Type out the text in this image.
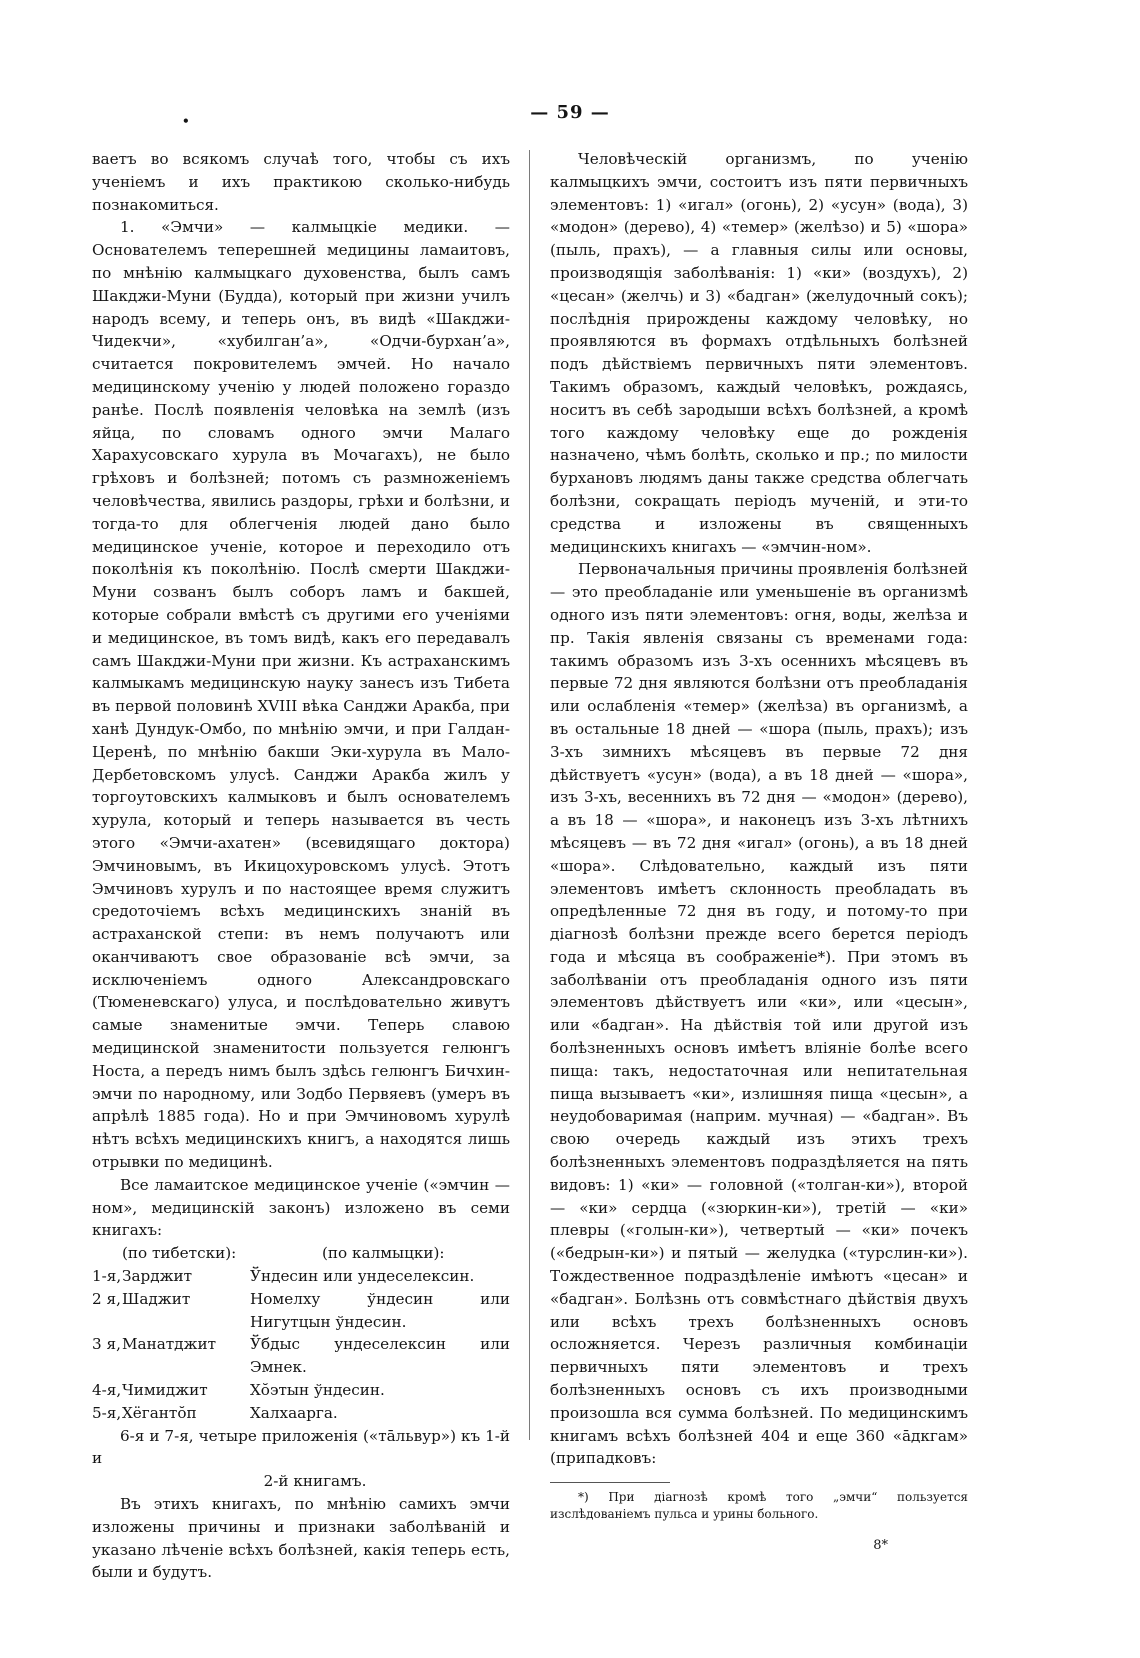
•	— 59 —

ваетъ во всякомъ случаѣ того, чтобы съ ихъ ученіемъ и ихъ практикою сколько-нибудь познакомиться.

1. «Эмчи» — калмыцкіе медики. — Основателемъ теперешней медицины ламаитовъ, по мнѣнію калмыцкаго духовенства, былъ самъ Шакджи-Муни (Будда), который при жизни училъ народъ всему, и теперь онъ, въ видѣ «Шакджи-Чидекчи», «хубилган’а», «Одчи-бурхан’а», считается покровителемъ эмчей. Но начало медицинскому ученію у людей положено гораздо ранѣе. Послѣ появленія человѣка на землѣ (изъ яйца, по словамъ одного эмчи Малаго Харахусовскаго хурула въ Мочагахъ), не было грѣховъ и болѣзней; потомъ съ размноженіемъ человѣчества, явились раздоры, грѣхи и болѣзни, и тогда-то для облегченія людей дано было медицинское ученіе, которое и переходило отъ поколѣнія къ поколѣнію. Послѣ смерти Шакджи-Муни созванъ былъ соборъ ламъ и бакшей, которые собрали вмѣстѣ съ другими его ученіями и медицинское, въ томъ видѣ, какъ его передавалъ самъ Шакджи-Муни при жизни. Къ астраханскимъ калмыкамъ медицинскую науку занесъ изъ Тибета въ первой половинѣ XVIII вѣка Санджи Аракба, при ханѣ Дундук-Омбо, по мнѣнію эмчи, и при Галдан-Церенѣ, по мнѣнію бакши Эки-хурула въ Мало-Дербетовскомъ улусѣ. Санджи Аракба жилъ у торгоутовскихъ калмыковъ и былъ основателемъ хурула, который и теперь называется въ честь этого «Эмчи-ахатен» (всевидящаго доктора) Эмчиновымъ, въ Икицохуровскомъ улусѣ. Этотъ Эмчиновъ хурулъ и по настоящее время служитъ средоточіемъ всѣхъ медицинскихъ знаній въ астраханской степи: въ немъ получаютъ или оканчиваютъ свое образованіе всѣ эмчи, за исключеніемъ одного Александровскаго (Тюменевскаго) улуса, и послѣдовательно живутъ самые знаменитые эмчи. Теперь славою медицинской знаменитости пользуется гелюнгъ Носта, а передъ нимъ былъ здѣсь гелюнгъ Бичхин-эмчи по народному, или Зодбо Первяевъ (умеръ въ апрѣлѣ 1885 года). Но и при Эмчиновомъ хурулѣ нѣтъ всѣхъ медицинскихъ книгъ, а находятся лишь отрывки по медицинѣ.

Все ламаитское медицинское ученіе («эмчин — ном», медицинскій законъ) изложено въ семи книгахъ:

(по тибетски):		(по калмыцки):
1-я,	Зарджит	Ўндесин или ундеселексин.
2 я,	Шаджит	Номелху ўндесин или Нигутцын ўндесин.
3 я,	Манатджит	Ўбдыс ундеселексин или Эмнек.
4-я,	Чимиджит	Хŏэтын ўндесин.
5-я,	Хёгантŏп	Халхаарга.

6-я и 7-я, четыре приложенія («тāльвур») къ 1-й и

2-й книгамъ.

Въ этихъ книгахъ, по мнѣнію самихъ эмчи изложены причины и признаки заболѣваній и указано лѣченіе всѣхъ болѣзней, какія теперь есть, были и будутъ.

Человѣческій организмъ, по ученію калмыцкихъ эмчи, состоитъ изъ пяти первичныхъ элементовъ: 1) «игал» (огонь), 2) «усун» (вода), 3) «модон» (дерево), 4) «темер» (желѣзо) и 5) «шора» (пыль, прахъ), — а главныя силы или основы, производящія заболѣванія: 1) «ки» (воздухъ), 2) «цесан» (желчь) и 3) «бадган» (желудочный сокъ); послѣднія прирождены каждому человѣку, но проявляются въ формахъ отдѣльныхъ болѣзней подъ дѣйствіемъ первичныхъ пяти элементовъ. Такимъ образомъ, каждый человѣкъ, рождаясь, носитъ въ себѣ зародыши всѣхъ болѣзней, а кромѣ того каждому человѣку еще до рожденія назначено, чѣмъ болѣть, сколько и пр.; по милости бурхановъ людямъ даны также средства облегчать болѣзни, сокращать періодъ мученій, и эти-то средства и изложены въ священныхъ медицинскихъ книгахъ — «эмчин-ном».

Первоначальныя причины проявленія болѣзней — это преобладаніе или уменьшеніе въ организмѣ одного изъ пяти элементовъ: огня, воды, желѣза и пр. Такія явленія связаны съ временами года: такимъ образомъ изъ 3-хъ осеннихъ мѣсяцевъ въ первые 72 дня являются болѣзни отъ преобладанія или ослабленія «темер» (желѣза) въ организмѣ, а въ остальные 18 дней — «шора (пыль, прахъ); изъ 3-хъ зимнихъ мѣсяцевъ въ первые 72 дня дѣйствуетъ «усун» (вода), а въ 18 дней — «шора», изъ 3-хъ, весеннихъ въ 72 дня — «модон» (дерево), а въ 18 — «шора», и наконецъ изъ 3-хъ лѣтнихъ мѣсяцевъ — въ 72 дня «игал» (огонь), а въ 18 дней «шора». Слѣдовательно, каждый изъ пяти элементовъ имѣетъ склонность преобладать въ опредѣленные 72 дня въ году, и потому-то при діагнозѣ болѣзни прежде всего берется періодъ года и мѣсяца въ соображеніе*). При этомъ въ заболѣваніи отъ преобладанія одного изъ пяти элементовъ дѣйствуетъ или «ки», или «цесын», или «бадган». На дѣйствія той или другой изъ болѣзненныхъ основъ имѣетъ вліяніе болѣе всего пища: такъ, недостаточная или непитательная пища вызываетъ «ки», излишняя пища «цесын», а неудобоваримая (наприм. мучная) — «бадган». Въ свою очередь каждый изъ этихъ трехъ болѣзненныхъ элементовъ подраздѣляется на пять видовъ: 1) «ки» — головной («толган-ки»), второй — «ки» сердца («зюркин-ки»), третій — «ки» плевры («голын-ки»), четвертый — «ки» почекъ («бедрын-ки») и пятый — желудка («турслин-ки»). Тождественное подраздѣленіе имѣютъ «цесан» и «бадган». Болѣзнь отъ совмѣстнаго дѣйствія двухъ или всѣхъ трехъ болѣзненныхъ основъ осложняется. Черезъ различныя комбинаціи первичныхъ пяти элементовъ и трехъ болѣзненныхъ основъ съ ихъ производными произошла вся сумма болѣзней. По медицинскимъ книгамъ всѣхъ болѣзней 404 и еще 360 «āдкгам» (припадковъ:

*) При діагнозѣ кромѣ того „эмчи“ пользуется изслѣдованіемъ пульса и урины больного.

8*
